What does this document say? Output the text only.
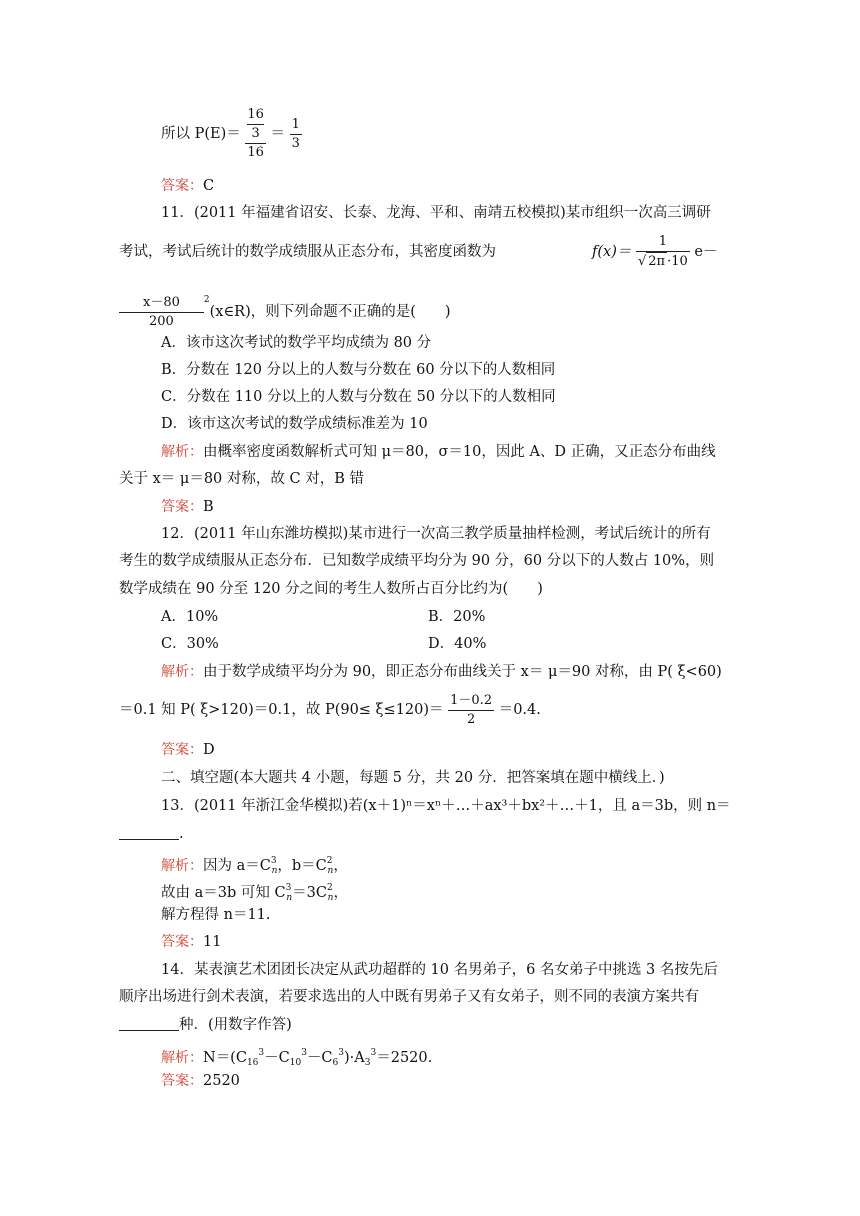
所以 P(E)＝ 16
3
$16 = \frac{1}{3}$
答案：C
11．(2011 年福建省诏安、长泰、龙海、平和、南靖五校模拟)某市组织一次高三调研
考试，考试后统计的数学成绩服从正态分布，其密度函数为	$f(x)= \frac{1}{√ 2\pi \cdot 10} e-$
$\frac{x-80}{200}$ $^2$(x∈R)，则下列命题不正确的是(　　)
A．该市这次考试的数学平均成绩为 80 分
B．分数在 120 分以上的人数与分数在 60 分以下的人数相同
C．分数在 110 分以上的人数与分数在 50 分以下的人数相同
D．该市这次考试的数学成绩标准差为 10
解析：由概率密度函数解析式可知 μ＝80，σ＝10，因此 A、D 正确，又正态分布曲线
关于 x＝ μ＝80 对称，故 C 对，B 错
答案：B
12．(2011 年山东潍坊模拟)某市进行一次高三教学质量抽样检测，考试后统计的所有
考生的数学成绩服从正态分布．已知数学成绩平均分为 90 分，60 分以下的人数占 10%，则
数学成绩在 90 分至 120 分之间的考生人数所占百分比约为(　　)
A．10%	B．20%
C．30%	D．40%
解析：由于数学成绩平均分为 90，即正态分布曲线关于 x＝ μ＝90 对称，由 P( ξ<60)
＝0.1 知 P( ξ>120)＝0.1，故 $P(90\le \xi\le 120)= \frac{1-0.2}{2} =0.4$.
答案：D
二、填空题(本大题共 4 小题，每题 5 分，共 20 分．把答案填在题中横线上．)
13．(2011 年浙江金华模拟)若(x＋1)ⁿ＝xⁿ＋…＋ax³＋bx²＋…＋1，且 a＝3b，则 n＝
.
解析：因为 $a=C^3_n$，$b=C^2_n$，
故由 a＝3b 可知 $C^3_n=3C^2_n$，
解方程得 n＝11.
答案：11
14．某表演艺术团团长决定从武功超群的 10 名男弟子，6 名女弟子中挑选 3 名按先后
顺序出场进行剑术表演，若要求选出的人中既有男弟子又有女弟子，则不同的表演方案共有
种．(用数字作答)
解析：$N=(C_{16}^3-C_{10}^3-C_6^3)\cdot A_3^3=2520$.
答案：2520
